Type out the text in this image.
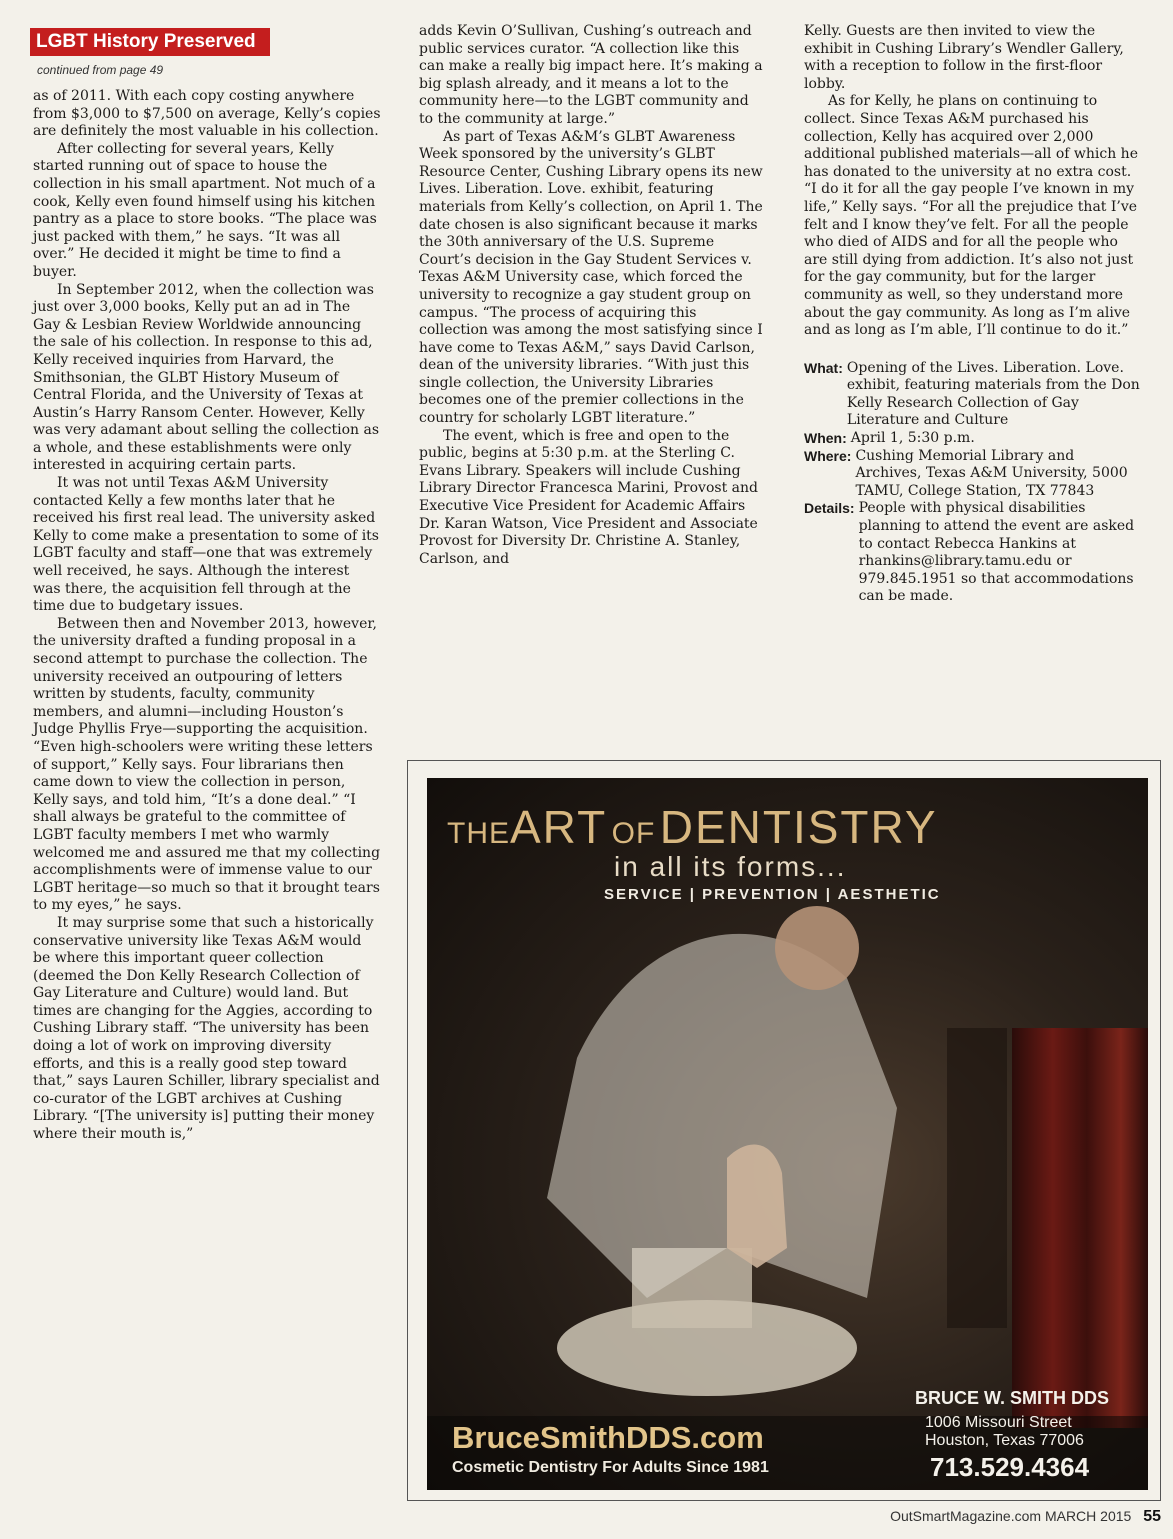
LGBT History Preserved
continued from page 49

as of 2011. With each copy costing anywhere from $3,000 to $7,500 on average, Kelly’s copies are definitely the most valuable in his collection.

After collecting for several years, Kelly started running out of space to house the collection in his small apartment. Not much of a cook, Kelly even found himself using his kitchen pantry as a place to store books. “The place was just packed with them,” he says. “It was all over.” He decided it might be time to find a buyer.

In September 2012, when the collection was just over 3,000 books, Kelly put an ad in The Gay & Lesbian Review Worldwide announcing the sale of his collection. In response to this ad, Kelly received inquiries from Harvard, the Smithsonian, the GLBT History Museum of Central Florida, and the University of Texas at Austin’s Harry Ransom Center. However, Kelly was very adamant about selling the collection as a whole, and these establishments were only interested in acquiring certain parts.

It was not until Texas A&M University contacted Kelly a few months later that he received his first real lead. The university asked Kelly to come make a presentation to some of its LGBT faculty and staff—one that was extremely well received, he says. Although the interest was there, the acquisition fell through at the time due to budgetary issues.

Between then and November 2013, however, the university drafted a funding proposal in a second attempt to purchase the collection. The university received an outpouring of letters written by students, faculty, community members, and alumni—including Houston’s Judge Phyllis Frye—supporting the acquisition. “Even high-schoolers were writing these letters of support,” Kelly says. Four librarians then came down to view the collection in person, Kelly says, and told him, “It’s a done deal.” “I shall always be grateful to the committee of LGBT faculty members I met who warmly welcomed me and assured me that my collecting accomplishments were of immense value to our LGBT heritage—so much so that it brought tears to my eyes,” he says.

It may surprise some that such a historically conservative university like Texas A&M would be where this important queer collection (deemed the Don Kelly Research Collection of Gay Literature and Culture) would land. But times are changing for the Aggies, according to Cushing Library staff. “The university has been doing a lot of work on improving diversity efforts, and this is a really good step toward that,” says Lauren Schiller, library specialist and co-curator of the LGBT archives at Cushing Library. “[The university is] putting their money where their mouth is,”

adds Kevin O’Sullivan, Cushing’s outreach and public services curator. “A collection like this can make a really big impact here. It’s making a big splash already, and it means a lot to the community here—to the LGBT community and to the community at large.”

As part of Texas A&M’s GLBT Awareness Week sponsored by the university’s GLBT Resource Center, Cushing Library opens its new Lives. Liberation. Love. exhibit, featuring materials from Kelly’s collection, on April 1. The date chosen is also significant because it marks the 30th anniversary of the U.S. Supreme Court’s decision in the Gay Student Services v. Texas A&M University case, which forced the university to recognize a gay student group on campus. “The process of acquiring this collection was among the most satisfying since I have come to Texas A&M,” says David Carlson, dean of the university libraries. “With just this single collection, the University Libraries becomes one of the premier collections in the country for scholarly LGBT literature.”

The event, which is free and open to the public, begins at 5:30 p.m. at the Sterling C. Evans Library. Speakers will include Cushing Library Director Francesca Marini, Provost and Executive Vice President for Academic Affairs Dr. Karan Watson, Vice President and Associate Provost for Diversity Dr. Christine A. Stanley, Carlson, and

Kelly. Guests are then invited to view the exhibit in Cushing Library’s Wendler Gallery, with a reception to follow in the first-floor lobby.

As for Kelly, he plans on continuing to collect. Since Texas A&M purchased his collection, Kelly has acquired over 2,000 additional published materials—all of which he has donated to the university at no extra cost. “I do it for all the gay people I’ve known in my life,” Kelly says. “For all the prejudice that I’ve felt and I know they’ve felt. For all the people who died of AIDS and for all the people who are still dying from addiction. It’s also not just for the gay community, but for the larger community as well, so they understand more about the gay community. As long as I’m alive and as long as I’m able, I’ll continue to do it.”

What: Opening of the Lives. Liberation. Love. exhibit, featuring materials from the Don Kelly Research Collection of Gay Literature and Culture
When: April 1, 5:30 p.m.
Where: Cushing Memorial Library and Archives, Texas A&M University, 5000 TAMU, College Station, TX 77843
Details: People with physical disabilities planning to attend the event are asked to contact Rebecca Hankins at rhankins@library.tamu.edu or 979.845.1951 so that accommodations can be made.
THEART OF DENTISTRY
in all its forms...
SERVICE | PREVENTION | AESTHETIC
BruceSmithDDS.com
Cosmetic Dentistry For Adults Since 1981
BRUCE W. SMITH DDS
1006 Missouri Street
Houston, Texas 77006
713.529.4364
OutSmartMagazine.com MARCH 2015 55
